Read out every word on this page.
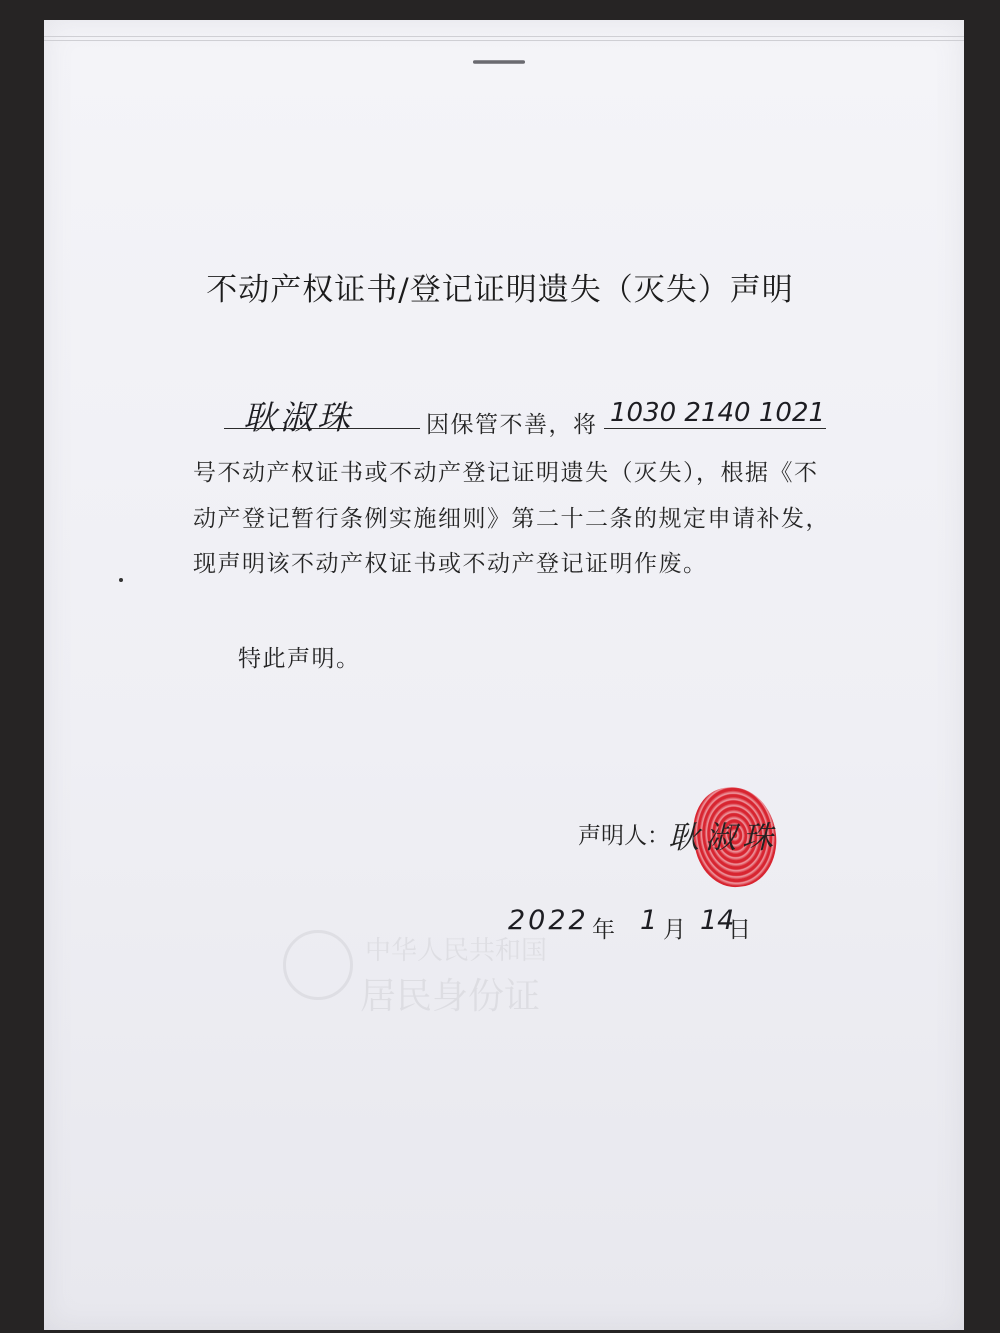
中华人民共和国
居民身份证
不动产权证书/登记证明遗失（灭失）声明
耿淑珠	因保管不善，将 1030 2140 1021
号不动产权证书或不动产登记证明遗失（灭失），根据《不
动产登记暂行条例实施细则》第二十二条的规定申请补发，
现声明该不动产权证书或不动产登记证明作废。
特此声明。
声明人：
耿淑珠
2022 年 1 月 14
日
